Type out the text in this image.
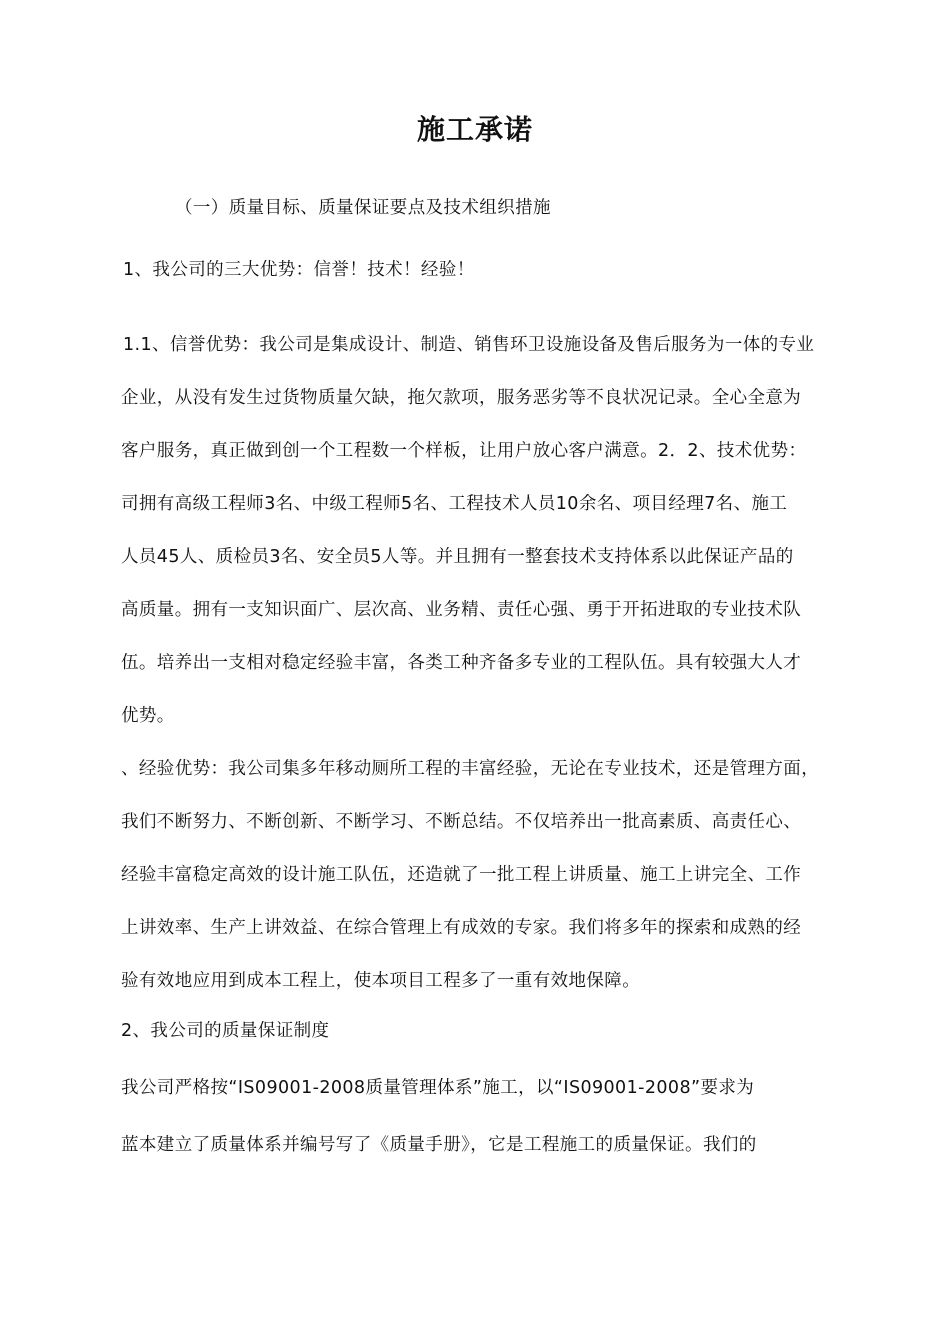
施工承诺
（一）质量目标、质量保证要点及技术组织措施
1、我公司的三大优势：信誉！技术！经验！
1.1、信誉优势：我公司是集成设计、制造、销售环卫设施设备及售后服务为一体的专业
企业，从没有发生过货物质量欠缺，拖欠款项，服务恶劣等不良状况记录。全心全意为
客户服务，真正做到创一个工程数一个样板，让用户放心客户满意。2．2、技术优势：
司拥有高级工程师3名、中级工程师5名、工程技术人员10余名、项目经理7名、施工
人员45人、质检员3名、安全员5人等。并且拥有一整套技术支持体系以此保证产品的
高质量。拥有一支知识面广、层次高、业务精、责任心强、勇于开拓进取的专业技术队
伍。培养出一支相对稳定经验丰富，各类工种齐备多专业的工程队伍。具有较强大人才
优势。
、经验优势：我公司集多年移动厕所工程的丰富经验，无论在专业技术，还是管理方面，
我们不断努力、不断创新、不断学习、不断总结。不仅培养出一批高素质、高责任心、
经验丰富稳定高效的设计施工队伍，还造就了一批工程上讲质量、施工上讲完全、工作
上讲效率、生产上讲效益、在综合管理上有成效的专家。我们将多年的探索和成熟的经
验有效地应用到成本工程上，使本项目工程多了一重有效地保障。
2、我公司的质量保证制度
我公司严格按“IS09001-2008质量管理体系”施工，以“IS09001-2008”要求为
蓝本建立了质量体系并编号写了《质量手册》，它是工程施工的质量保证。我们的
